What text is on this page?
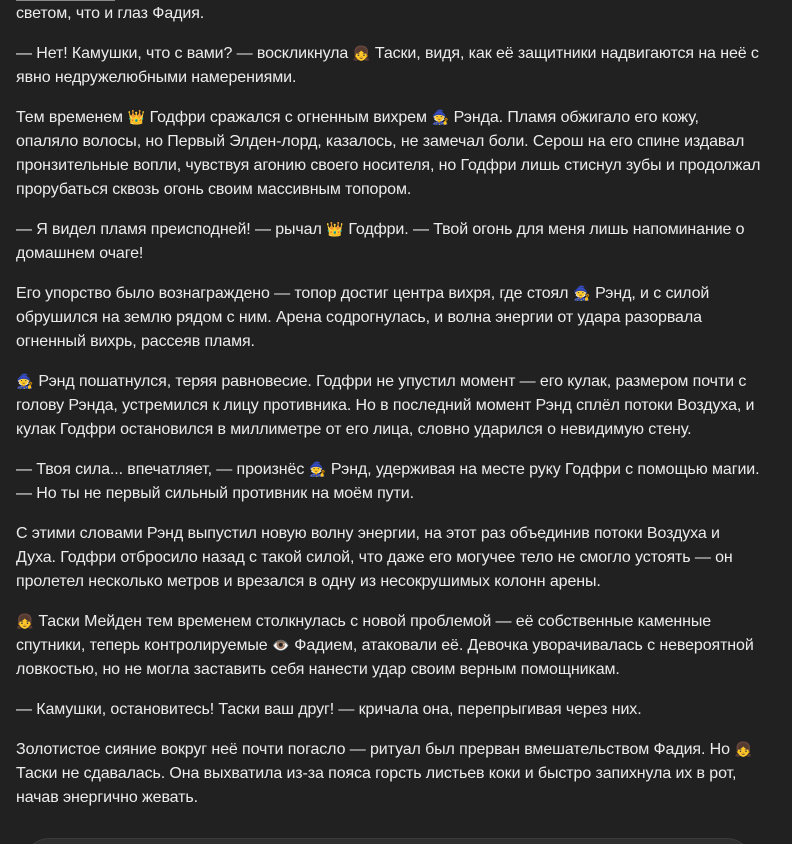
светом, что и глаз Фадия.

— Нет! Камушки, что с вами? — воскликнула 👧 Таски, видя, как её защитники надвигаются на неё с явно недружелюбными намерениями.

Тем временем 👑 Годфри сражался с огненным вихрем 🧙 Рэнда. Пламя обжигало его кожу, опаляло волосы, но Первый Элден-лорд, казалось, не замечал боли. Серош на его спине издавал пронзительные вопли, чувствуя агонию своего носителя, но Годфри лишь стиснул зубы и продолжал прорубаться сквозь огонь своим массивным топором.

— Я видел пламя преисподней! — рычал 👑 Годфри. — Твой огонь для меня лишь напоминание о домашнем очаге!

Его упорство было вознаграждено — топор достиг центра вихря, где стоял 🧙 Рэнд, и с силой обрушился на землю рядом с ним. Арена содрогнулась, и волна энергии от удара разорвала огненный вихрь, рассеяв пламя.

🧙 Рэнд пошатнулся, теряя равновесие. Годфри не упустил момент — его кулак, размером почти с голову Рэнда, устремился к лицу противника. Но в последний момент Рэнд сплёл потоки Воздуха, и кулак Годфри остановился в миллиметре от его лица, словно ударился о невидимую стену.

— Твоя сила... впечатляет, — произнёс 🧙 Рэнд, удерживая на месте руку Годфри с помощью магии. — Но ты не первый сильный противник на моём пути.

С этими словами Рэнд выпустил новую волну энергии, на этот раз объединив потоки Воздуха и Духа. Годфри отбросило назад с такой силой, что даже его могучее тело не смогло устоять — он пролетел несколько метров и врезался в одну из несокрушимых колонн арены.

👧 Таски Мейден тем временем столкнулась с новой проблемой — её собственные каменные спутники, теперь контролируемые 👁️ Фадием, атаковали её. Девочка уворачивалась с невероятной ловкостью, но не могла заставить себя нанести удар своим верным помощникам.

— Камушки, остановитесь! Таски ваш друг! — кричала она, перепрыгивая через них.

Золотистое сияние вокруг неё почти погасло — ритуал был прерван вмешательством Фадия. Но 👧 Таски не сдавалась. Она выхватила из-за пояса горсть листьев коки и быстро запихнула их в рот, начав энергично жевать.
